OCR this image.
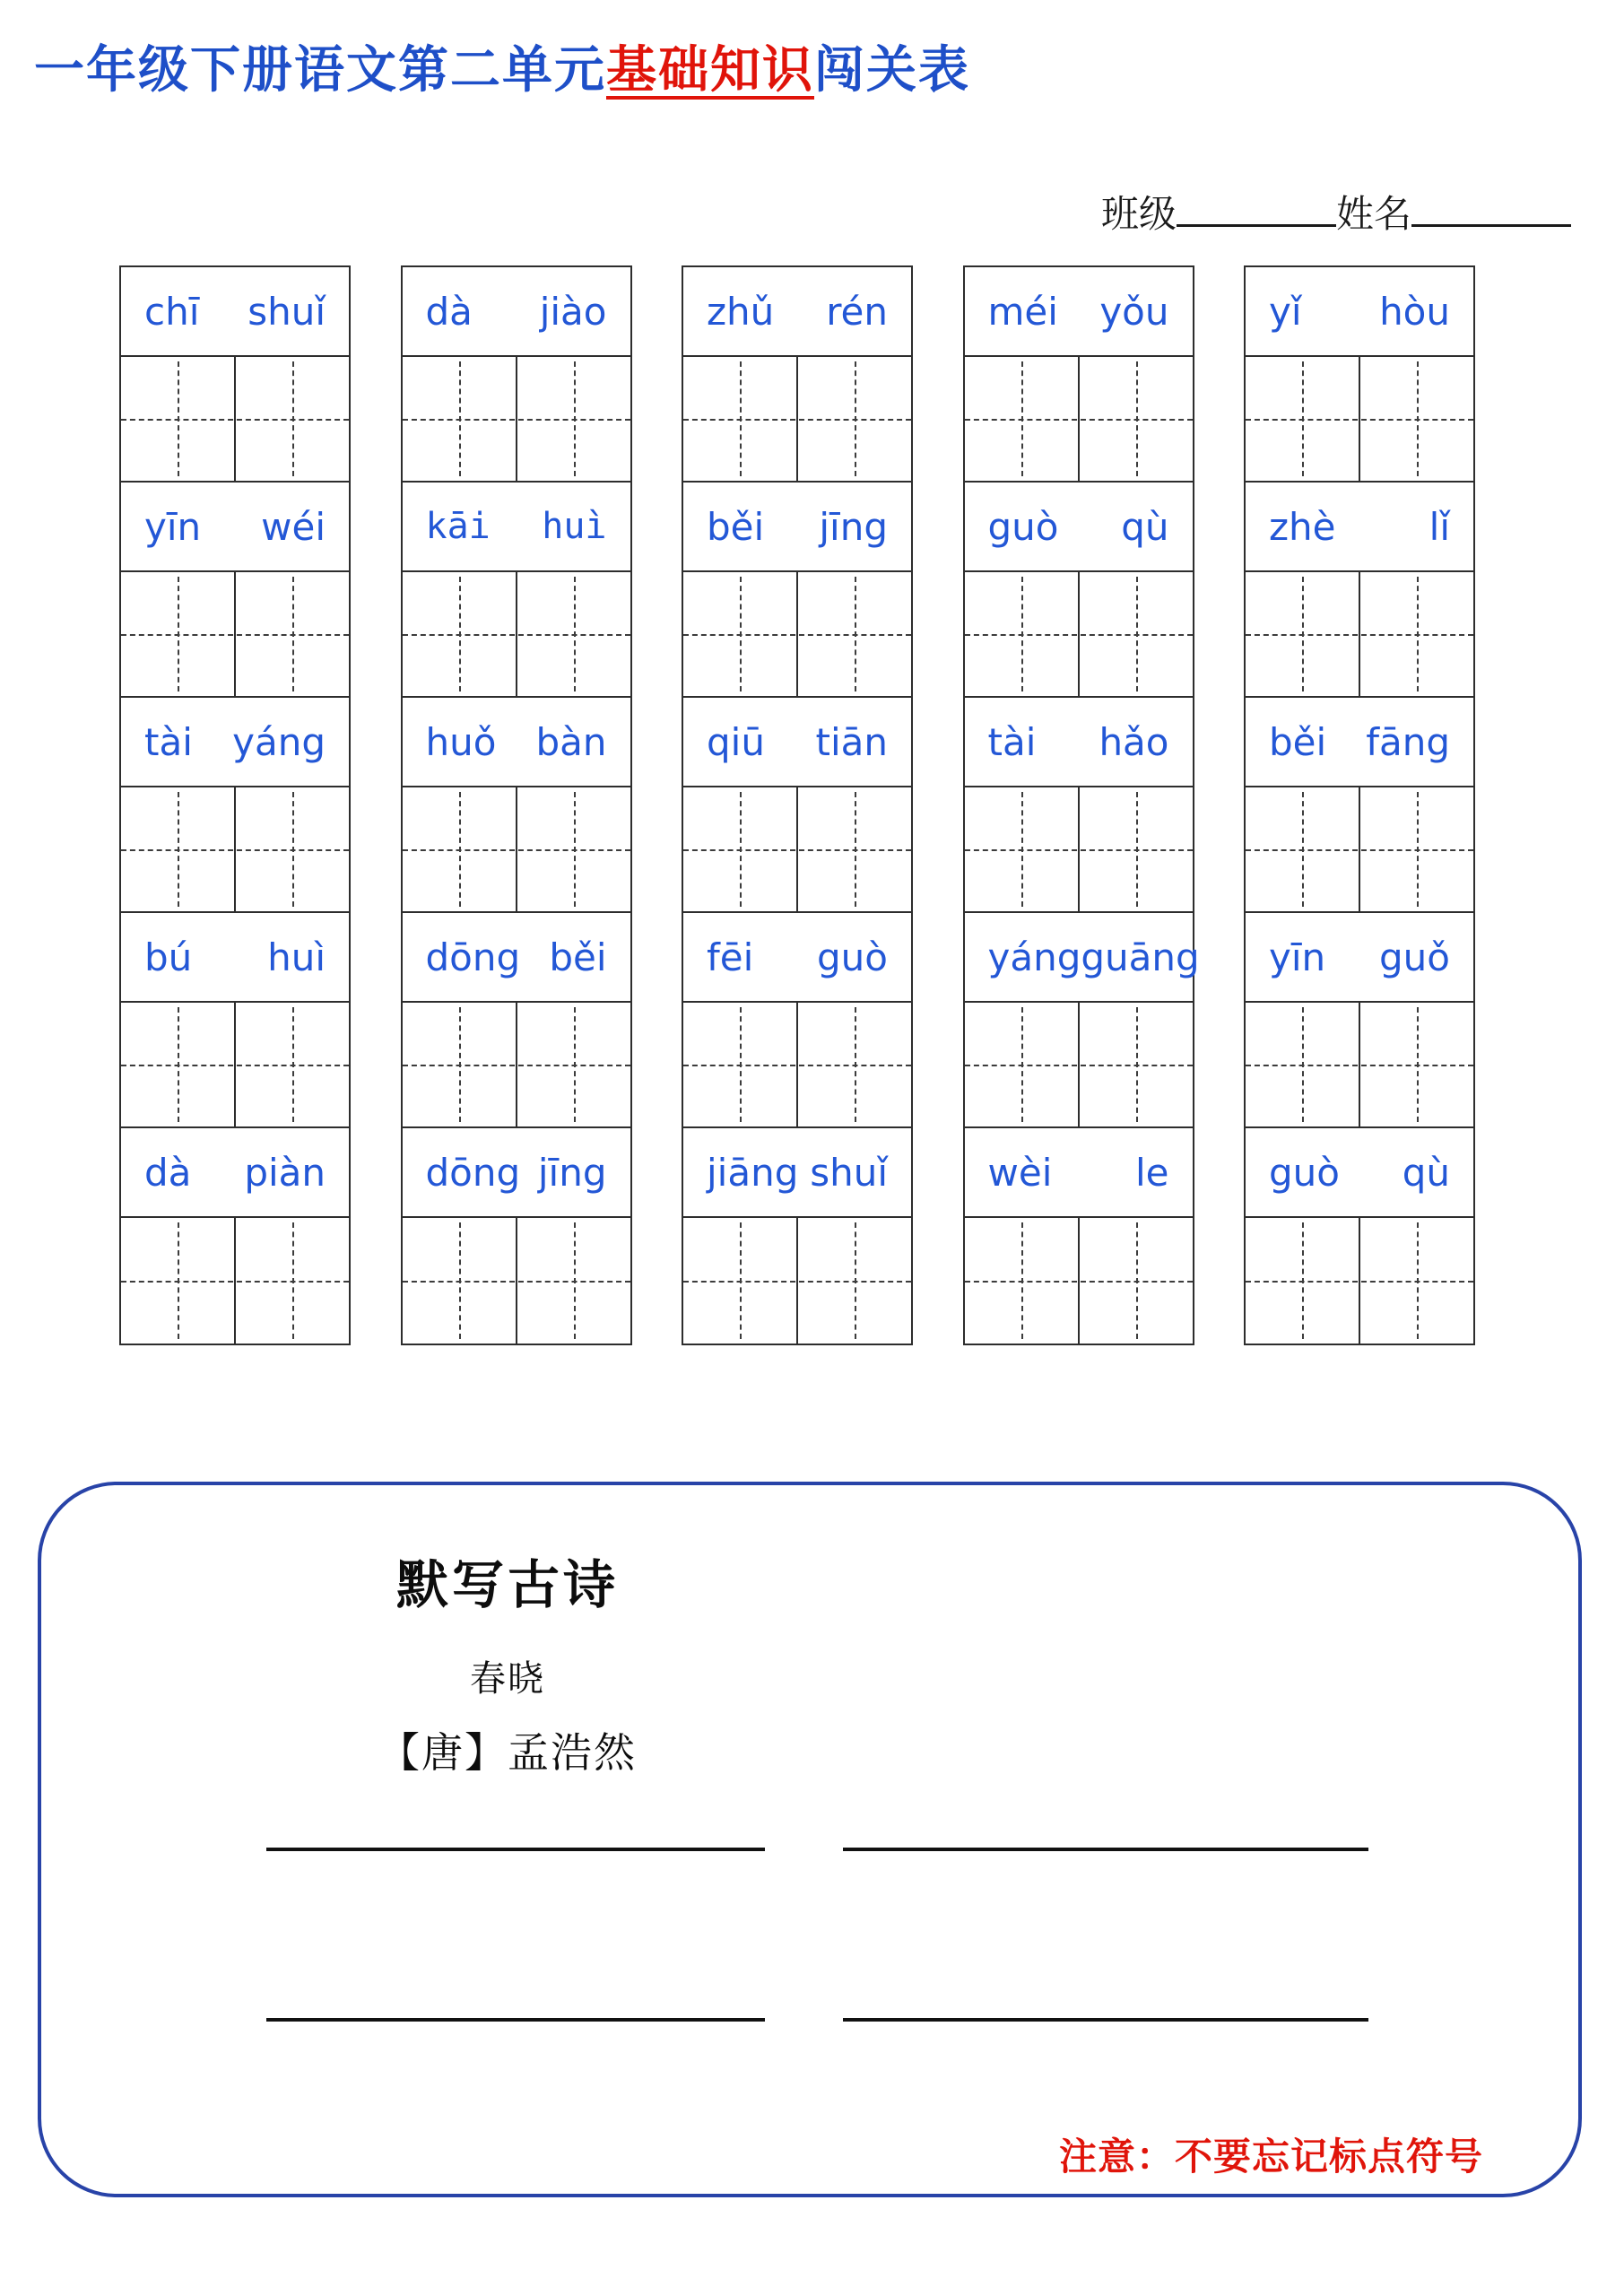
一年级下册语文第二单元基础知识闯关表
班级	姓名
chī shuǐ
yīn wéi
tài yáng
bú huì
dà piàn
dà jiào
kāi huì
huǒ bàn
dōng běi
dōng jīng
zhǔ rén
běi jīng
qiū tiān
fēi guò
jiāng shuǐ
méi yǒu
guò qù
tài hǎo
yáng guāng
wèi le
yǐ hòu
zhè lǐ
běi fāng
yīn guǒ
guò qù
默写古诗
春晓
【唐】孟浩然
注意：不要忘记标点符号
